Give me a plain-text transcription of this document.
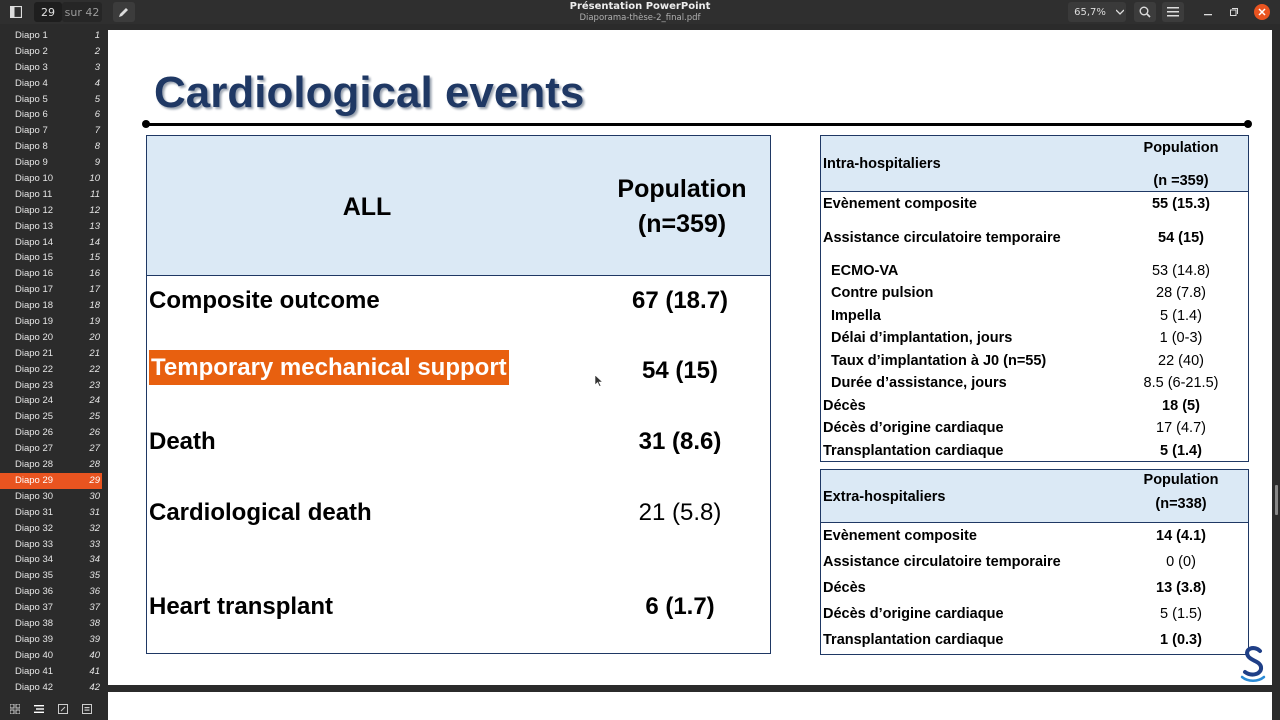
29 sur 42	Présentation PowerPoint
Diaporama-thèse-2_final.pdf
65,7%
Diapo 1	1
Diapo 2	2
Diapo 3	3
Diapo 4	4
Diapo 5	5
Diapo 6	6
Diapo 7	7
Diapo 8	8
Diapo 9	9
Diapo 10	10
Diapo 11	11
Diapo 12	12
Diapo 13	13
Diapo 14	14
Diapo 15	15
Diapo 16	16
Diapo 17	17
Diapo 18	18
Diapo 19	19
Diapo 20	20
Diapo 21	21
Diapo 22	22
Diapo 23	23
Diapo 24	24
Diapo 25	25
Diapo 26	26
Diapo 27	27
Diapo 28	28
Diapo 29	29
Diapo 30	30
Diapo 31	31
Diapo 32	32
Diapo 33	33
Diapo 34	34
Diapo 35	35
Diapo 36	36
Diapo 37	37
Diapo 38	38
Diapo 39	39
Diapo 40	40
Diapo 41	41
Diapo 42	42
Cardiological events
ALL
Population
(n=359)
Composite outcome	67 (18.7)
Temporary mechanical support	54 (15)
Death	31 (8.6)
Cardiological death	21 (5.8)
Heart transplant	6 (1.7)
Intra-hospitaliers
Population
(n =359)
Evènement composite	55 (15.3)
Assistance circulatoire temporaire	54 (15)
ECMO-VA	53 (14.8)
Contre pulsion	28 (7.8)
Impella	5 (1.4)
Délai d’implantation, jours	1 (0-3)
Taux d’implantation à J0 (n=55)	22 (40)
Durée d’assistance, jours	8.5 (6-21.5)
Décès	18 (5)
Décès d’origine cardiaque	17 (4.7)
Transplantation cardiaque	5 (1.4)
Extra-hospitaliers
Population
(n=338)
Evènement composite	14 (4.1)
Assistance circulatoire temporaire	0 (0)
Décès	13 (3.8)
Décès d’origine cardiaque	5 (1.5)
Transplantation cardiaque	1 (0.3)
